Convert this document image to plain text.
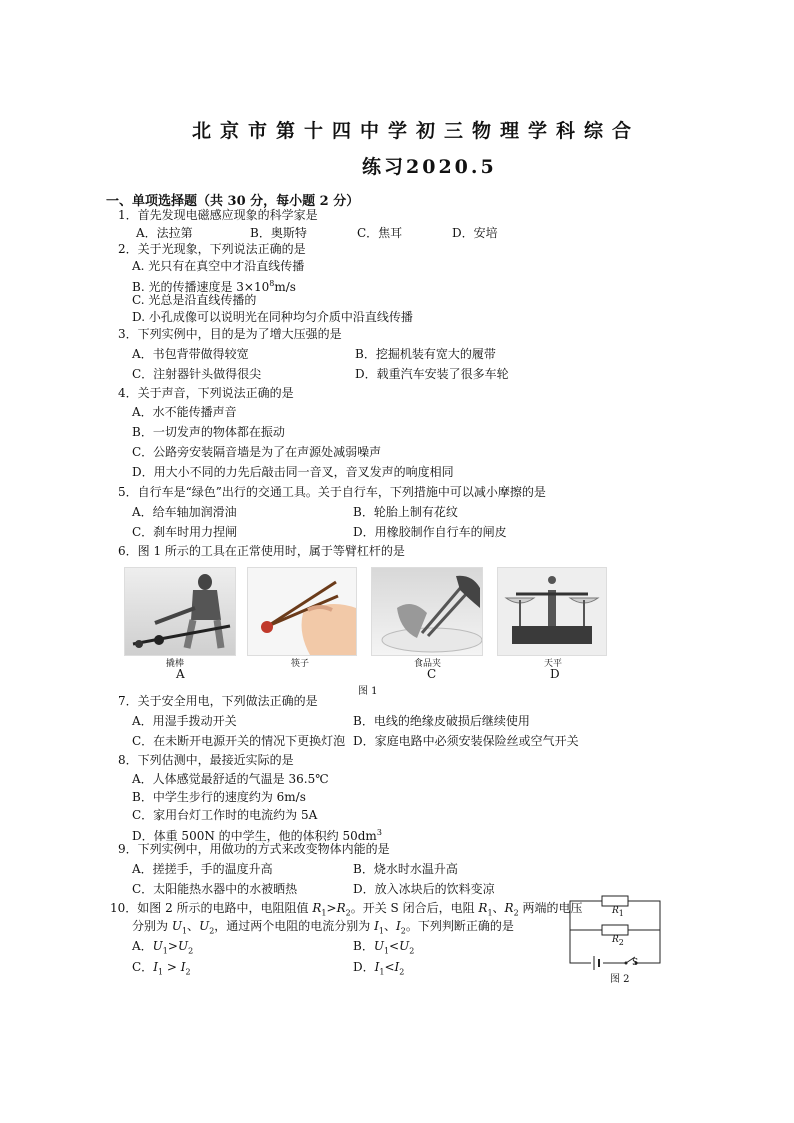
北京市第十四中学初三物理学科综合
练习2020.5
一、单项选择题（共 30 分，每小题 2 分）
1．首先发现电磁感应现象的科学家是
A．法拉第	B．奥斯特	C．焦耳	D．安培
2．关于光现象，下列说法正确的是
A. 光只有在真空中才沿直线传播
B. 光的传播速度是 $3\times 10^8m/s$
C. 光总是沿直线传播的
D. 小孔成像可以说明光在同种均匀介质中沿直线传播
3．下列实例中，目的是为了增大压强的是
A．书包背带做得较宽	B．挖掘机装有宽大的履带
C．注射器针头做得很尖	D．载重汽车安装了很多车轮
4．关于声音，下列说法正确的是
A．水不能传播声音
B．一切发声的物体都在振动
C．公路旁安装隔音墙是为了在声源处减弱噪声
D．用大小不同的力先后敲击同一音叉，音叉发声的响度相同
5．自行车是“绿色”出行的交通工具。关于自行车，下列措施中可以减小摩擦的是
A．给车轴加润滑油	B．轮胎上制有花纹
C．刹车时用力捏闸	D．用橡胶制作自行车的闸皮
6．图 1 所示的工具在正常使用时，属于等臂杠杆的是
撬棒
A
筷子	食品夹
C
天平
D
图 1
7．关于安全用电，下列做法正确的是
A．用湿手拨动开关	B．电线的绝缘皮破损后继续使用
C．在未断开电源开关的情况下更换灯泡 D．家庭电路中必须安装保险丝或空气开关
8．下列估测中，最接近实际的是
A．人体感觉最舒适的气温是 36.5℃
B．中学生步行的速度约为 6m/s
C．家用台灯工作时的电流约为 5A
D．体重 500N 的中学生，他的体积约 $50dm^3$
9．下列实例中，用做功的方式来改变物体内能的是
A．搓搓手，手的温度升高	B．烧水时水温升高
C．太阳能热水器中的水被晒热	D．放入冰块后的饮料变凉
10．如图 2 所示的电路中，电阻阻值 $R_1>R_2$。开关 S 闭合后，电阻 $R_1$、$R_2$ 两端的电压
分别为 $U_1$、$U_2$，通过两个电阻的电流分别为 $I_1$、$I_2$。下列判断正确的是
A．$U_1>U_2$	B．$U_1<U_2$
C．$I_1 > I_2$	D．$I_1<I_2$
$R_1$
$R_2$
S
图 2
